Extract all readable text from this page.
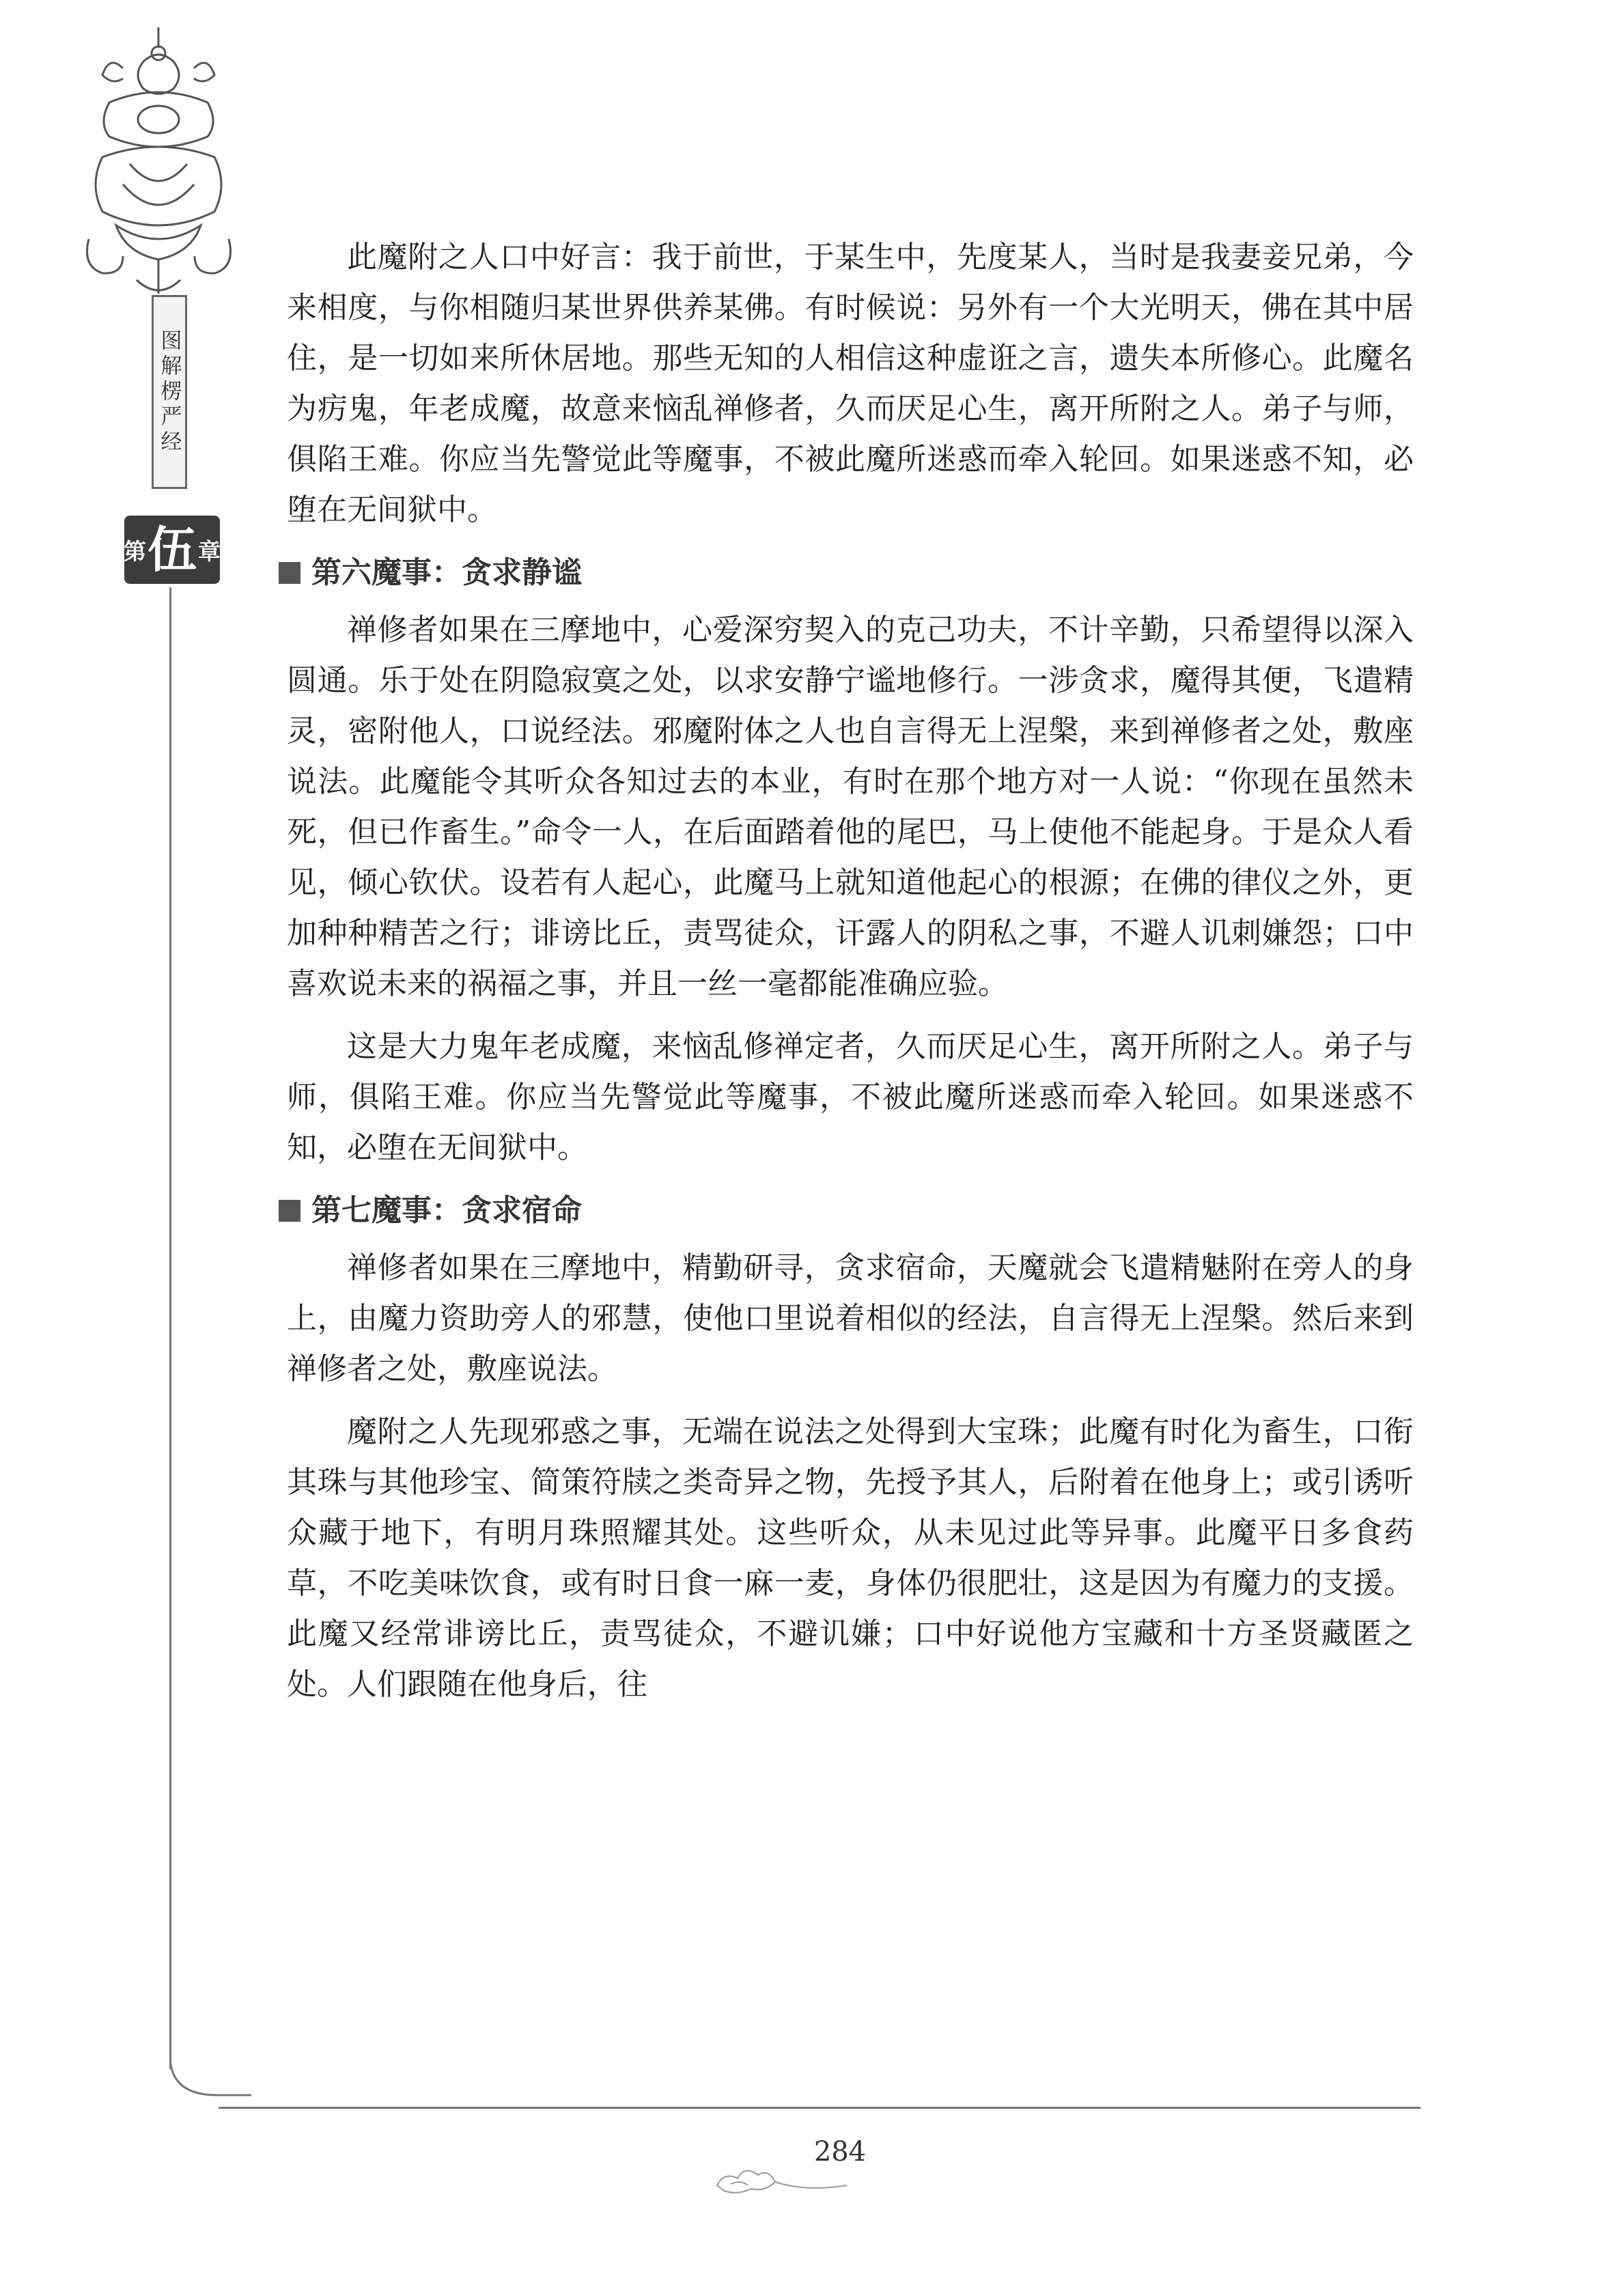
图解楞严经
第 伍 章

此魔附之人口中好言：我于前世，于某生中，先度某人，当时是我妻妾兄弟，今来相度，与你相随归某世界供养某佛。有时候说：另外有一个大光明天，佛在其中居住，是一切如来所休居地。那些无知的人相信这种虚诳之言，遗失本所修心。此魔名为疠鬼，年老成魔，故意来恼乱禅修者，久而厌足心生，离开所附之人。弟子与师，俱陷王难。你应当先警觉此等魔事，不被此魔所迷惑而牵入轮回。如果迷惑不知，必堕在无间狱中。

第六魔事：贪求静谧

禅修者如果在三摩地中，心爱深穷契入的克己功夫，不计辛勤，只希望得以深入圆通。乐于处在阴隐寂寞之处，以求安静宁谧地修行。一涉贪求，魔得其便，飞遣精灵，密附他人，口说经法。邪魔附体之人也自言得无上涅槃，来到禅修者之处，敷座说法。此魔能令其听众各知过去的本业，有时在那个地方对一人说：“你现在虽然未死，但已作畜生。”命令一人，在后面踏着他的尾巴，马上使他不能起身。于是众人看见，倾心钦伏。设若有人起心，此魔马上就知道他起心的根源；在佛的律仪之外，更加种种精苦之行；诽谤比丘，责骂徒众，讦露人的阴私之事，不避人讥刺嫌怨；口中喜欢说未来的祸福之事，并且一丝一毫都能准确应验。

这是大力鬼年老成魔，来恼乱修禅定者，久而厌足心生，离开所附之人。弟子与师，俱陷王难。你应当先警觉此等魔事，不被此魔所迷惑而牵入轮回。如果迷惑不知，必堕在无间狱中。

第七魔事：贪求宿命

禅修者如果在三摩地中，精勤研寻，贪求宿命，天魔就会飞遣精魅附在旁人的身上，由魔力资助旁人的邪慧，使他口里说着相似的经法，自言得无上涅槃。然后来到禅修者之处，敷座说法。

魔附之人先现邪惑之事，无端在说法之处得到大宝珠；此魔有时化为畜生，口衔其珠与其他珍宝、简策符牍之类奇异之物，先授予其人，后附着在他身上；或引诱听众藏于地下，有明月珠照耀其处。这些听众，从未见过此等异事。此魔平日多食药草，不吃美味饮食，或有时日食一麻一麦，身体仍很肥壮，这是因为有魔力的支援。此魔又经常诽谤比丘，责骂徒众，不避讥嫌；口中好说他方宝藏和十方圣贤藏匿之处。人们跟随在他身后，往

284
